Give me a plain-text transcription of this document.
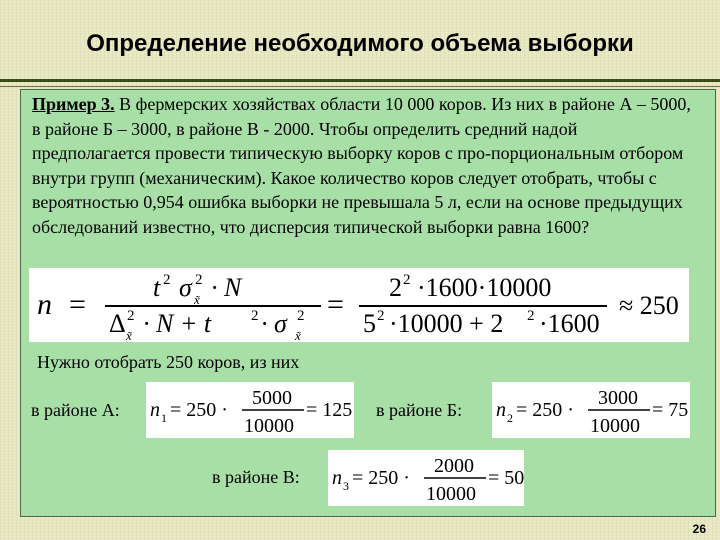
Определение необходимого объема выборки
Пример 3. В фермерских хозяйствах области 10 000 коров. Из них в районе А – 5000, в районе Б – 3000, в районе В - 2000. Чтобы определить средний надой предполагается провести типическую выборку коров с про-порциональным отбором внутри групп (механическим). Какое количество коров следует отобрать, чтобы с вероятностью 0,954 ошибка выборки не превышала 5 л, если на основе предыдущих обследований известно, что дисперсия типической выборки равна 1600?
n =
t 2 σ 2
x̃ · N
Δ 2
x̃ · N + t	2 · σ 2
x̃
=
2 2 ·1600·10000
5 2 ·10000 + 2 2 ·1600
≈ 250
Нужно отобрать 250 коров, из них
в районе А: n 1 = 250 ·
5000
10000
= 125 в районе Б: n 2 = 250 ·
3000
10000
= 75
в районе В: n 3 = 250 ·
2000
10000
= 50
26
